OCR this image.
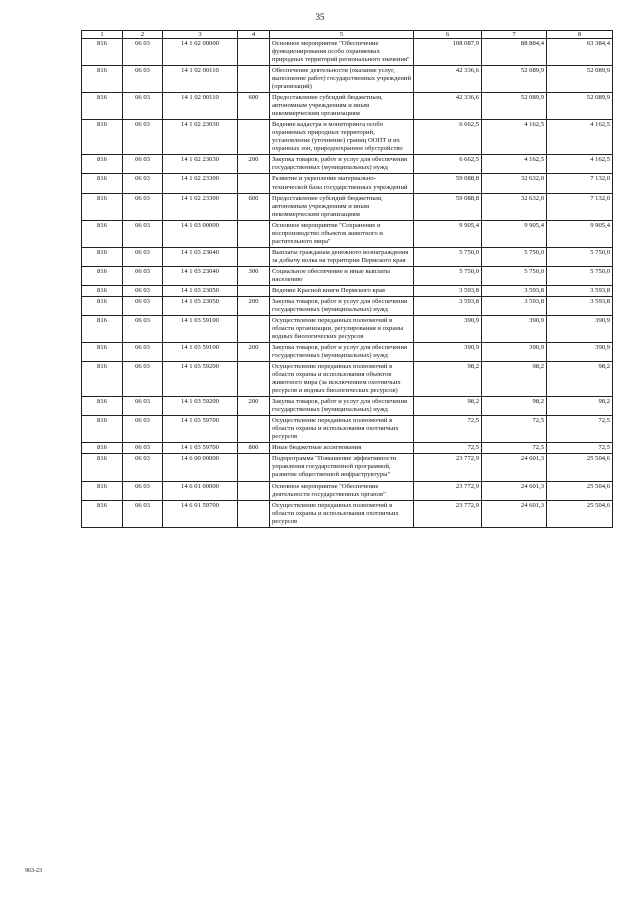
35
1	2	3	4	5	6	7	8
816	06 03	14 1 02 00000		Основное мероприятие "Обеспечение функционирования особо охраняемых природных территорий регионального значения"	108 087,9	88 884,4	63 384,4
816	06 03	14 1 02 00110		Обеспечение деятельности (оказание услуг, выполнение работ) государственных учреждений (организаций)	42 336,6	52 089,9	52 089,9
816	06 03	14 1 02 00110	600	Предоставление субсидий бюджетным, автономным учреждениям и иным некоммерческим организациям	42 336,6	52 089,9	52 089,9
816	06 03	14 1 02 23030		Ведение кадастра и мониторинга особо охраняемых природных территорий, установление (уточнение) границ ООПТ и их охранных зон, природоохранное обустройство	6 662,5	4 162,5	4 162,5
816	06 03	14 1 02 23030	200	Закупка товаров, работ и услуг для обеспечения государственных (муниципальных) нужд	6 662,5	4 162,5	4 162,5
816	06 03	14 1 02 23300		Развитие и укрепление материально-технической базы государственных учреждений	59 088,8	32 632,0	7 132,0
816	06 03	14 1 02 23300	600	Предоставление субсидий бюджетным, автономным учреждениям и иным некоммерческим организациям	59 088,8	32 632,0	7 132,0
816	06 03	14 1 03 00000		Основное мероприятие "Сохранение и воспроизводство объектов животного и растительного мира"	9 905,4	9 905,4	9 905,4
816	06 03	14 1 03 23040		Выплаты гражданам денежного вознаграждения за добычу волка на территории Пермского края	5 750,0	5 750,0	5 750,0
816	06 03	14 1 03 23040	300	Социальное обеспечение и иные выплаты населению	5 750,0	5 750,0	5 750,0
816	06 03	14 1 03 23050		Ведение Красной книги Пермского края	3 593,8	3 593,8	3 593,8
816	06 03	14 1 03 23050	200	Закупка товаров, работ и услуг для обеспечения государственных (муниципальных) нужд	3 593,8	3 593,8	3 593,8
816	06 03	14 1 03 59100		Осуществление переданных полномочий в области организации, регулирования и охраны водных биологических ресурсов	390,9	390,9	390,9
816	06 03	14 1 03 59100	200	Закупка товаров, работ и услуг для обеспечения государственных (муниципальных) нужд	390,9	390,9	390,9
816	06 03	14 1 03 59200		Осуществление переданных полномочий в области охраны и использования объектов животного мира (за исключением охотничьих ресурсов и водных биологических ресурсов)	98,2	98,2	98,2
816	06 03	14 1 03 59200	200	Закупка товаров, работ и услуг для обеспечения государственных (муниципальных) нужд	98,2	98,2	98,2
816	06 03	14 1 03 59700		Осуществление переданных полномочий в области охраны и использования охотничьих ресурсов	72,5	72,5	72,5
816	06 03	14 1 03 59700	800	Иные бюджетные ассигнования	72,5	72,5	72,5
816	06 03	14 6 00 00000		Подпрограмма "Повышение эффективности управления государственной программой, развитие общественной инфраструктуры"	23 772,9	24 601,3	25 504,6
816	06 03	14 6 01 00000		Основное мероприятие "Обеспечение деятельности государственных органов"	23 772,9	24 601,3	25 504,6
816	06 03	14 6 01 59700		Осуществление переданных полномочий в области охраны и использования охотничьих ресурсов	23 772,9	24 601,3	25 504,6
963-23
